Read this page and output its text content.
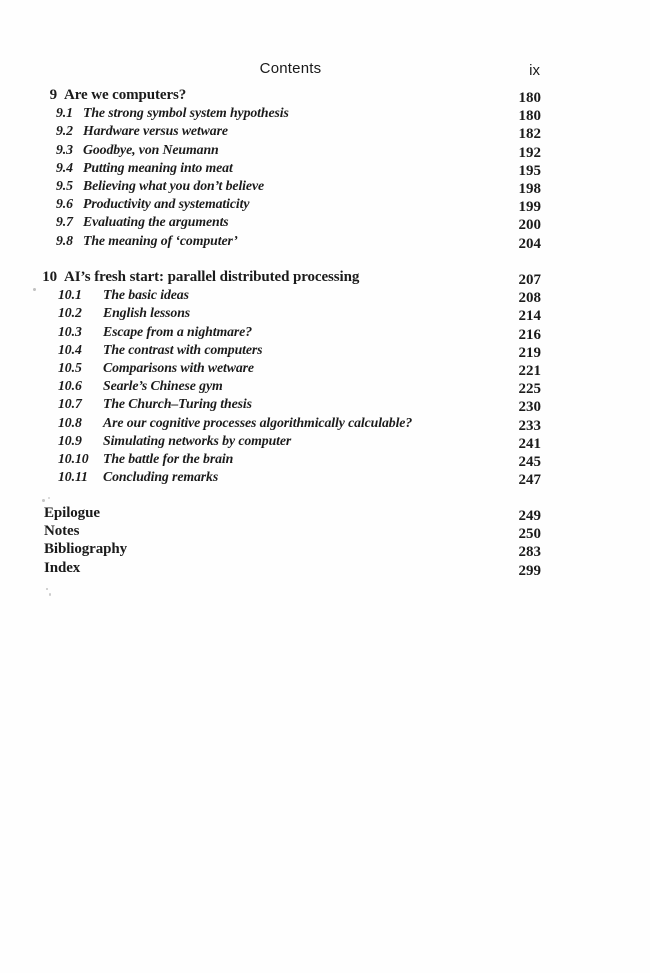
Contents	ix
9 Are we computers?	180
9.1 The strong symbol system hypothesis	180
9.2 Hardware versus wetware	182
9.3 Goodbye, von Neumann	192
9.4 Putting meaning into meat	195
9.5 Believing what you don’t believe	198
9.6 Productivity and systematicity	199
9.7 Evaluating the arguments	200
9.8 The meaning of ‘computer’	204
10 AI’s fresh start: parallel distributed processing	207
10.1	The basic ideas	208
10.2	English lessons	214
10.3	Escape from a nightmare?	216
10.4	The contrast with computers	219
10.5	Comparisons with wetware	221
10.6	Searle’s Chinese gym	225
10.7	The Church–Turing thesis	230
10.8	Are our cognitive processes algorithmically calculable?	233
10.9	Simulating networks by computer	241
10.10	The battle for the brain	245
10.11	Concluding remarks	247
Epilogue	249
Notes	250
Bibliography	283
Index	299
